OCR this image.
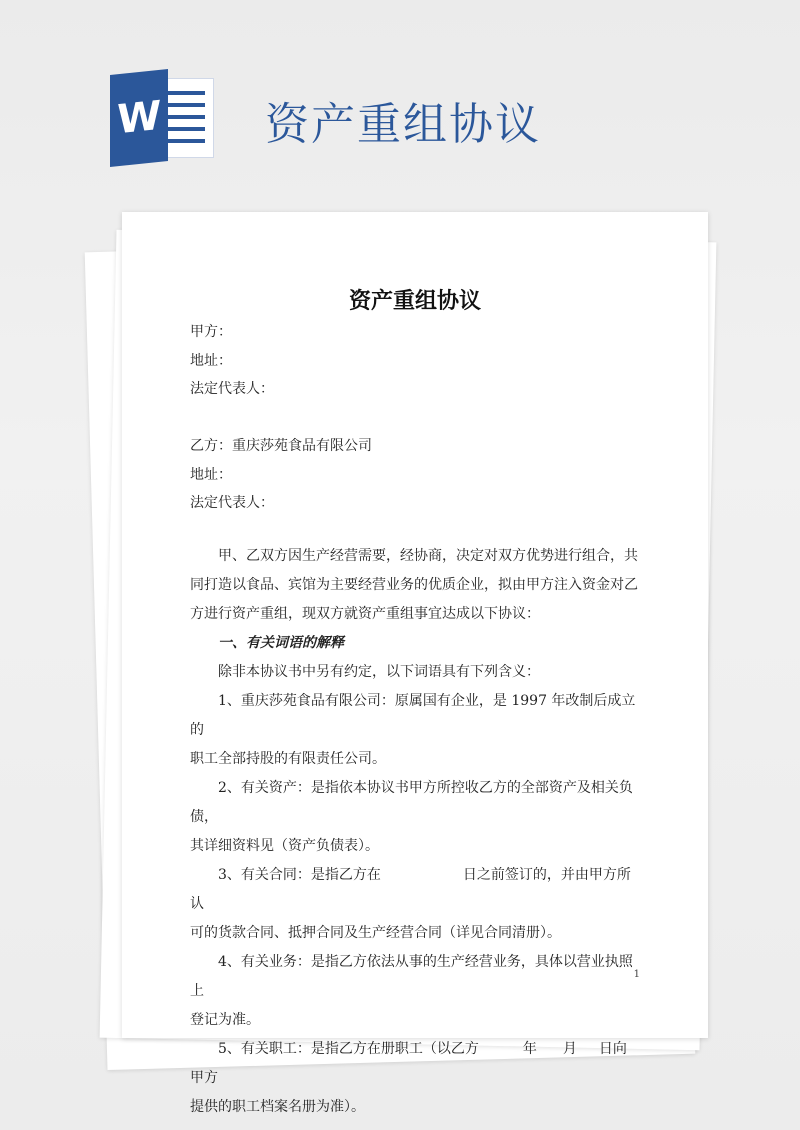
W 资产重组协议
资产重组协议
甲方：
地址：
法定代表人：
乙方：重庆莎苑食品有限公司
地址：
法定代表人：

甲、乙双方因生产经营需要，经协商，决定对双方优势进行组合，共

同打造以食品、宾馆为主要经营业务的优质企业，拟由甲方注入资金对乙

方进行资产重组，现双方就资产重组事宜达成以下协议：

一、有关词语的解释

除非本协议书中另有约定，以下词语具有下列含义：

1、重庆莎苑食品有限公司：原属国有企业，是 1997 年改制后成立的

职工全部持股的有限责任公司。

2、有关资产：是指依本协议书甲方所控收乙方的全部资产及相关负债，

其详细资料见（资产负债表）。

3、有关合同：是指乙方在	日之前签订的，并由甲方所认

可的货款合同、抵押合同及生产经营合同（详见合同清册）。

4、有关业务：是指乙方依法从事的生产经营业务，具体以营业执照上

登记为准。

5、有关职工：是指乙方在册职工（以乙方	年 月 日向甲方

提供的职工档案名册为准）。

1
